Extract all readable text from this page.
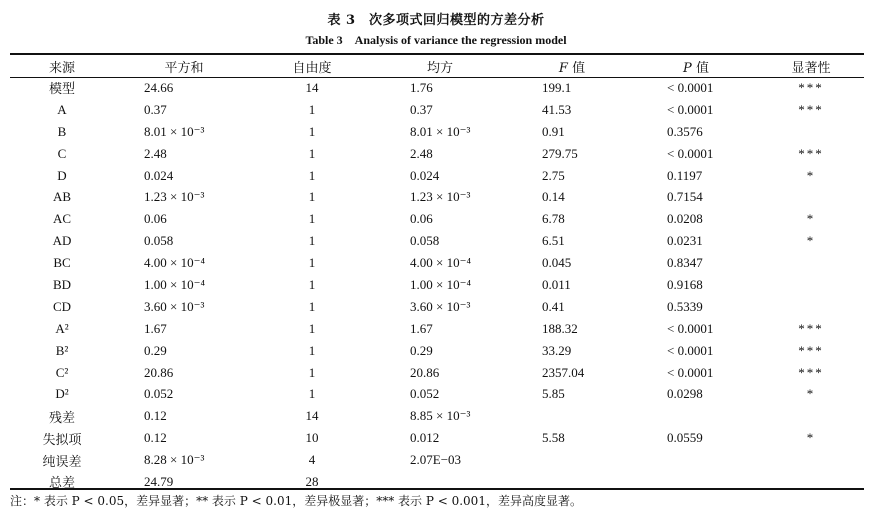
表 3　次多项式回归模型的方差分析
Table 3　Analysis of variance the regression model
来源	平方和	自由度	均方	F 值	P 值	显著性
模型	24.66	14	1.76	199.1	< 0.0001	***
A	0.37	1	0.37	41.53	< 0.0001	***
B	8.01 × 10⁻³	1	8.01 × 10⁻³	0.91	0.3576	
C	2.48	1	2.48	279.75	< 0.0001	***
D	0.024	1	0.024	2.75	0.1197	*
AB	1.23 × 10⁻³	1	1.23 × 10⁻³	0.14	0.7154	
AC	0.06	1	0.06	6.78	0.0208	*
AD	0.058	1	0.058	6.51	0.0231	*
BC	4.00 × 10⁻⁴	1	4.00 × 10⁻⁴	0.045	0.8347	
BD	1.00 × 10⁻⁴	1	1.00 × 10⁻⁴	0.011	0.9168	
CD	3.60 × 10⁻³	1	3.60 × 10⁻³	0.41	0.5339	
A²	1.67	1	1.67	188.32	< 0.0001	***
B²	0.29	1	0.29	33.29	< 0.0001	***
C²	20.86	1	20.86	2357.04	< 0.0001	***
D²	0.052	1	0.052	5.85	0.0298	*
残差	0.12	14	8.85 × 10⁻³			
失拟项	0.12	10	0.012	5.58	0.0559	*
纯误差	8.28 × 10⁻³	4	2.07E−03			
总差	24.79	28				
注：* 表示 P < 0.05，差异显著；** 表示 P < 0.01，差异极显著；*** 表示 P < 0.001，差异高度显著。
